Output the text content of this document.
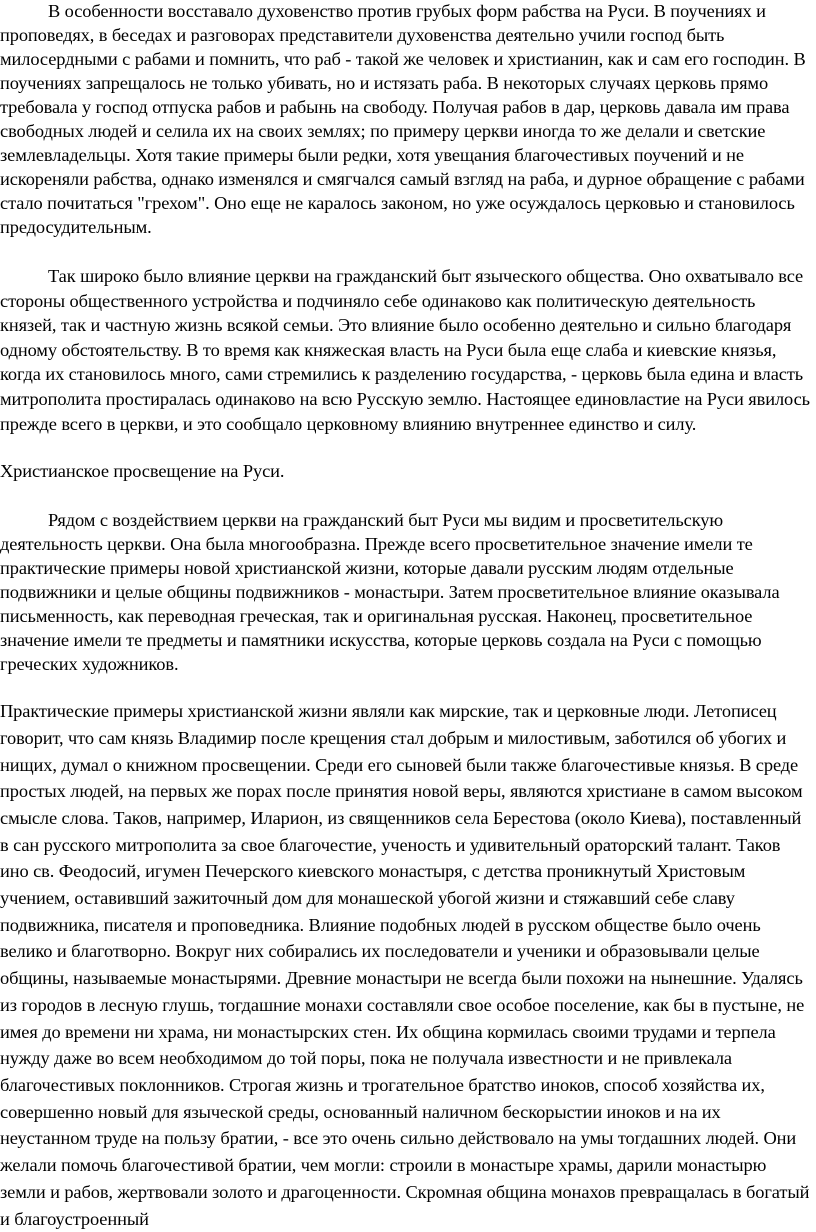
В особенности восставало духовенство против грубых форм рабства на Руси. В поучениях и проповедях, в беседах и разговорах представители духовенства деятельно учили господ быть милосердными с рабами и помнить, что раб - такой же человек и христианин, как и сам его господин. В поучениях запрещалось не только убивать, но и истязать раба. В некоторых случаях церковь прямо требовала у господ отпуска рабов и рабынь на свободу. Получая рабов в дар, церковь давала им права свободных людей и селила их на своих землях; по примеру церкви иногда то же делали и светские землевладельцы. Хотя такие примеры были редки, хотя увещания благочестивых поучений и не искореняли рабства, однако изменялся и смягчался самый взгляд на раба, и дурное обращение с рабами стало почитаться "грехом". Оно еще не каралось законом, но уже осуждалось церковью и становилось предосудительным.

Так широко было влияние церкви на гражданский быт языческого общества. Оно охватывало все стороны общественного устройства и подчиняло себе одинаково как политическую деятельность князей, так и частную жизнь всякой семьи. Это влияние было особенно деятельно и сильно благодаря одному обстоятельству. В то время как княжеская власть на Руси была еще слаба и киевские князья, когда их становилось много, сами стремились к разделению государства, - церковь была едина и власть митрополита простиралась одинаково на всю Русскую землю. Настоящее единовластие на Руси явилось прежде всего в церкви, и это сообщало церковному влиянию внутреннее единство и силу.

Христианское просвещение на Руси.

Рядом с воздействием церкви на гражданский быт Руси мы видим и просветительскую деятельность церкви. Она была многообразна. Прежде всего просветительное значение имели те практические примеры новой христианской жизни, которые давали русским людям отдельные подвижники и целые общины подвижников - монастыри. Затем просветительное влияние оказывала письменность, как переводная греческая, так и оригинальная русская. Наконец, просветительное значение имели те предметы и памятники искусства, которые церковь создала на Руси с помощью греческих художников.

Практические примеры христианской жизни являли как мирские, так и церковные люди. Летописец говорит, что сам князь Владимир после крещения стал добрым и милостивым, заботился об убогих и нищих, думал о книжном просвещении. Среди его сыновей были также благочестивые князья. В среде простых людей, на первых же порах после принятия новой веры, являются христиане в самом высоком смысле слова. Таков, например, Иларион, из священников села Берестова (около Киева), поставленный в сан русского митрополита за свое благочестие, ученость и удивительный ораторский талант. Таков ино св. Феодосий, игумен Печерского киевского монастыря, с детства проникнутый Христовым учением, оставивший зажиточный дом для монашеской убогой жизни и стяжавший себе славу подвижника, писателя и проповедника. Влияние подобных людей в русском обществе было очень велико и благотворно. Вокруг них собирались их последователи и ученики и образовывали целые общины, называемые монастырями. Древние монастыри не всегда были похожи на нынешние. Удалясь из городов в лесную глушь, тогдашние монахи составляли свое особое поселение, как бы в пустыне, не имея до времени ни храма, ни монастырских стен. Их община кормилась своими трудами и терпела нужду даже во всем необходимом до той поры, пока не получала известности и не привлекала благочестивых поклонников. Строгая жизнь и трогательное братство иноков, способ хозяйства их, совершенно новый для языческой среды, основанный наличном бескорыстии иноков и на их неустанном труде на пользу братии, - все это очень сильно действовало на умы тогдашних людей. Они желали помочь благочестивой братии, чем могли: строили в монастыре храмы, дарили монастырю земли и рабов, жертвовали золото и драгоценности. Скромная община монахов превращалась в богатый и благоустроенный
